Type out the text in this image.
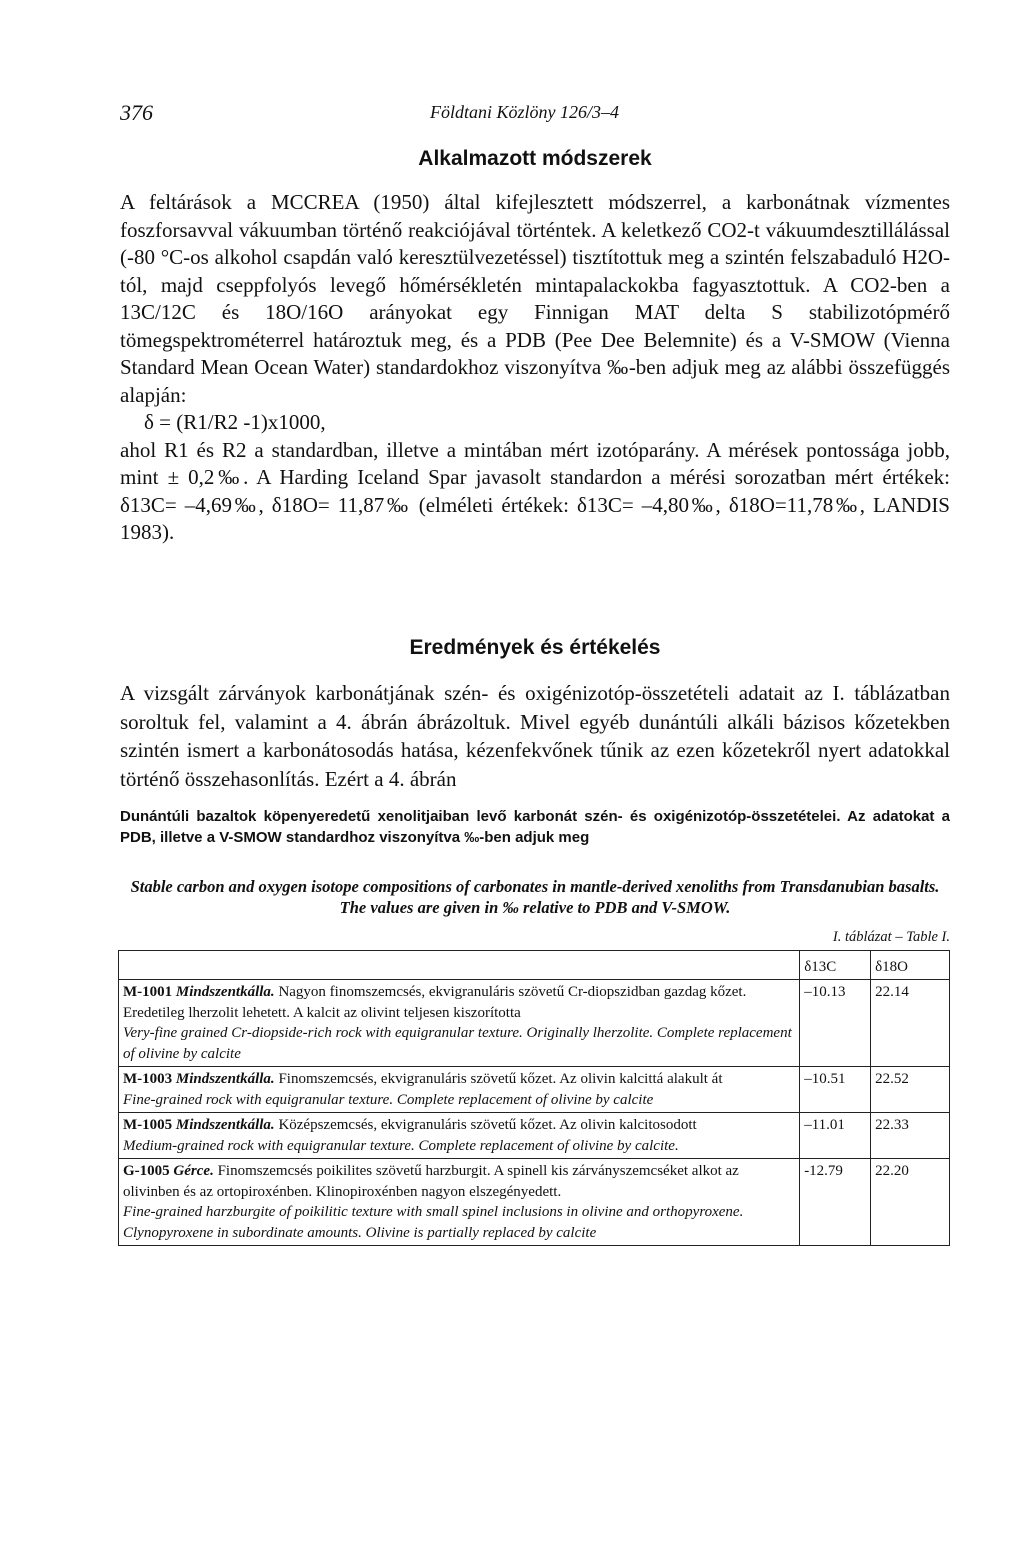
376	Földtani Közlöny 126/3–4
Alkalmazott módszerek
A feltárások a MCCREA (1950) által kifejlesztett módszerrel, a karbonátnak vízmentes foszforsavval vákuumban történő reakciójával történtek. A keletkező CO2-t vákuumdesztillálással (-80 °C-os alkohol csapdán való keresztülvezetéssel) tisztítottuk meg a szintén felszabaduló H2O-tól, majd cseppfolyós levegő hőmérsékletén mintapalackokba fagyasztottuk. A CO2-ben a 13C/12C és 18O/16O arányokat egy Finnigan MAT delta S stabilizotópmérő tömegspektrométerrel határoztuk meg, és a PDB (Pee Dee Belemnite) és a V-SMOW (Vienna Standard Mean Ocean Water) standardokhoz viszonyítva ‰-ben adjuk meg az alábbi összefüggés alapján:
δ = (R1/R2 -1)x1000,
ahol R1 és R2 a standardban, illetve a mintában mért izotóparány. A mérések pontossága jobb, mint ± 0,2‰. A Harding Iceland Spar javasolt standardon a mérési sorozatban mért értékek: δ13C= –4,69‰, δ18O= 11,87‰ (elméleti értékek: δ13C= –4,80‰, δ18O=11,78‰, LANDIS 1983).
Eredmények és értékelés
A vizsgált zárványok karbonátjának szén- és oxigénizotóp-összetételi adatait az I. táblázatban soroltuk fel, valamint a 4. ábrán ábrázoltuk. Mivel egyéb dunántúli alkáli bázisos kőzetekben szintén ismert a karbonátosodás hatása, kézenfekvőnek tűnik az ezen kőzetekről nyert adatokkal történő összehasonlítás. Ezért a 4. ábrán
Dunántúli bazaltok köpenyeredetű xenolitjaiban levő karbonát szén- és oxigénizotóp-összetételei. Az adatokat a PDB, illetve a V-SMOW standardhoz viszonyítva ‰-ben adjuk meg
Stable carbon and oxygen isotope compositions of carbonates in mantle-derived xenoliths from Transdanubian basalts. The values are given in ‰ relative to PDB and V-SMOW.
I. táblázat – Table I.
	δ13C	δ18O

M-1001 Mindszentkálla. Nagyon finomszemcsés, ekvigranuláris szövetű Cr-diopszidban gazdag kőzet. Eredetileg lherzolit lehetett. A kalcit az olivint teljesen kiszorította
Very-fine grained Cr-diopside-rich rock with equigranular texture. Originally lherzolite. Complete replacement of olivine by calcite	–10.13	22.14

M-1003 Mindszentkálla. Finomszemcsés, ekvigranuláris szövetű kőzet. Az olivin kalcittá alakult át
Fine-grained rock with equigranular texture. Complete replacement of olivine by calcite	–10.51	22.52

M-1005 Mindszentkálla. Középszemcsés, ekvigranuláris szövetű kőzet. Az olivin kalcitosodott
Medium-grained rock with equigranular texture. Complete replacement of olivine by calcite.	–11.01	22.33

G-1005 Gérce. Finomszemcsés poikilites szövetű harzburgit. A spinell kis zárványszemcséket alkot az olivinben és az ortopiroxénben. Klinopiroxénben nagyon elszegényedett.
Fine-grained harzburgite of poikilitic texture with small spinel inclusions in olivine and orthopyroxene. Clynopyroxene in subordinate amounts. Olivine is partially replaced by calcite	-12.79	22.20
